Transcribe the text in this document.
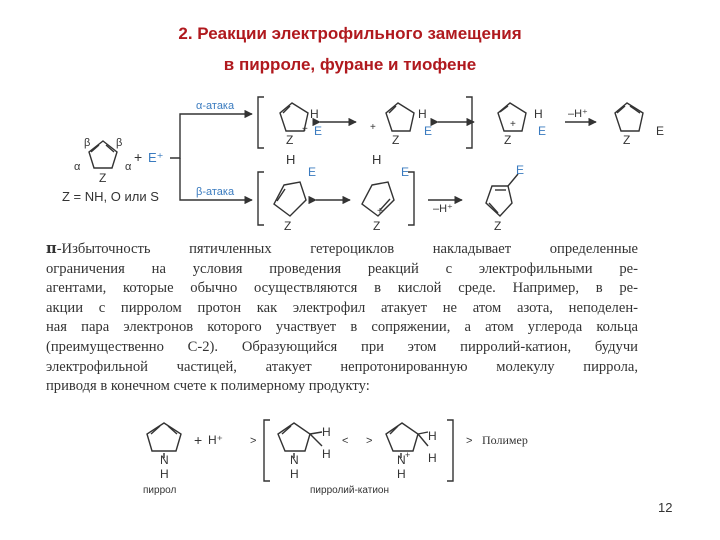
2. Реакции электрофильного замещения
в пирроле, фуране и тиофене
β β
α	α
Z
+ E⁺
Z = NH, O или S
α-атака
β-атака
Z
H
E
+
Z
H
E
+
Z
H
E
+
–H⁺
Z
E
H
E
Z
H
E
Z
+	–H⁺
E
Z
N
H
+ H⁺ >
N
H
H
H
< >
N +
H
H
H
> Полимер
пиррол	пирролий-катион
π-Избыточность пятичленных гетероциклов накладывает определенные
ограничения на условия проведения реакций с электрофильными ре-
агентами, которые обычно осуществляются в кислой среде. Например, в ре-
акции с пирролом протон как электрофил атакует не атом азота, неподелен-
ная пара электронов которого участвует в сопряжении, а атом углерода кольца
(преимущественно С-2). Образующийся при этом пирролий-катион, будучи
электрофильной частицей, атакует непротонированную молекулу пиррола,
приводя в конечном счете к полимерному продукту:
12
